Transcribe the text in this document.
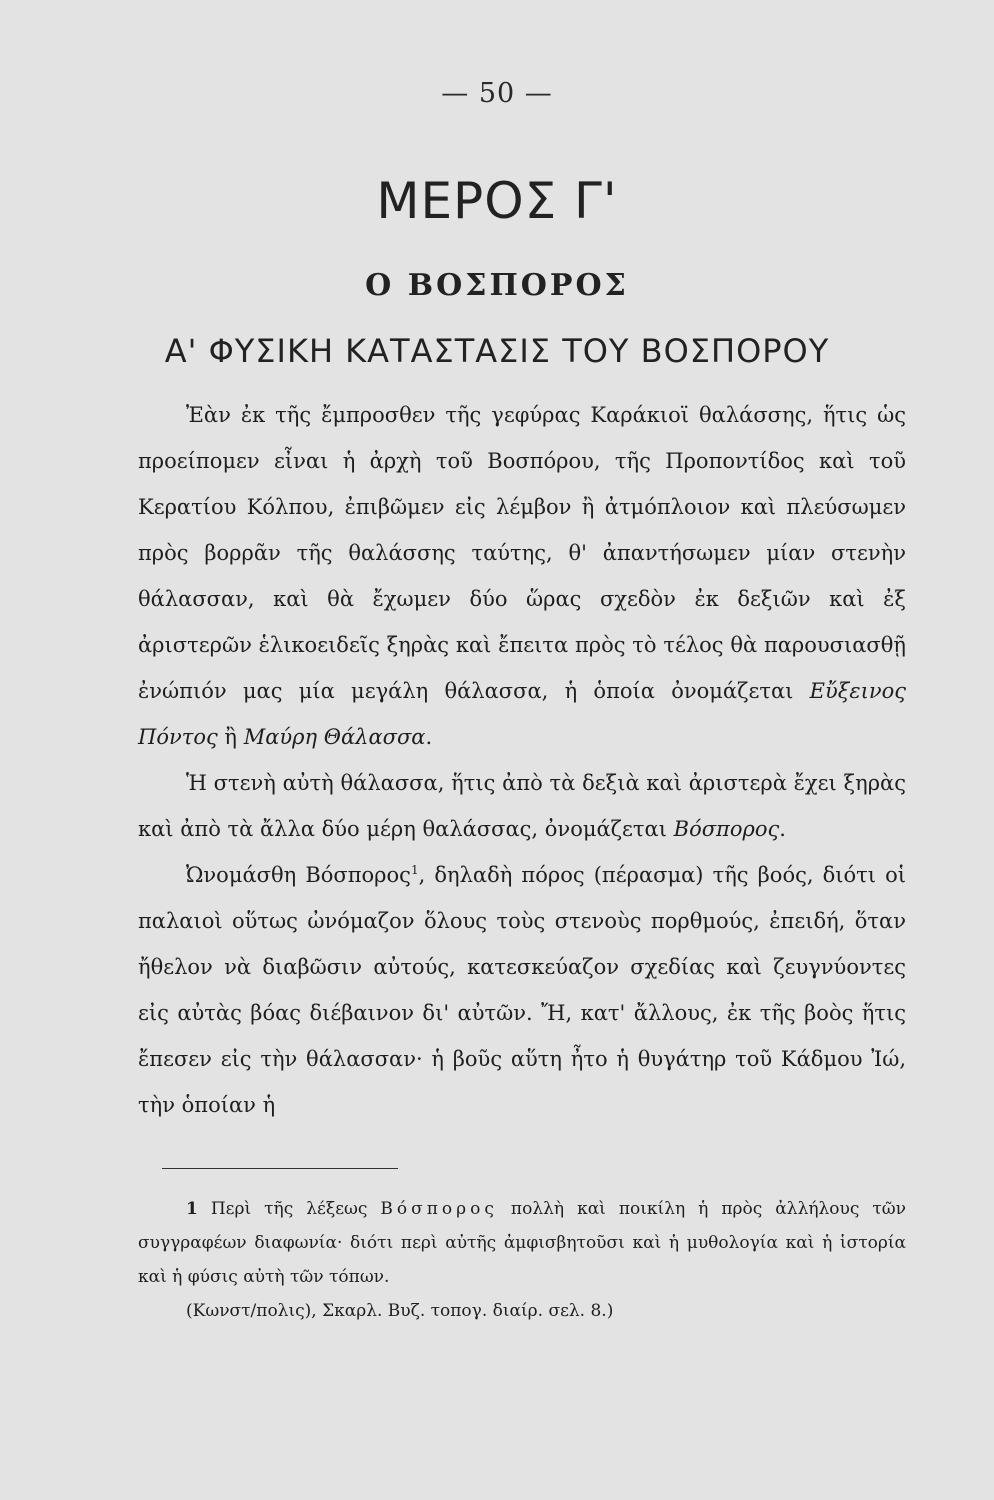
— 50 —
ΜΕΡΟΣ Γ'
Ο ΒΟΣΠΟΡΟΣ
Α' ΦΥΣΙΚΗ ΚΑΤΑΣΤΑΣΙΣ ΤΟΥ ΒΟΣΠΟΡΟΥ

Ἐὰν ἐκ τῆς ἔμπροσθεν τῆς γεφύρας Καράκιοϊ θαλάσσης, ἥτις ὡς προείπομεν εἶναι ἡ ἀρχὴ τοῦ Βοσπόρου, τῆς Προποντίδος καὶ τοῦ Κερατίου Κόλπου, ἐπιβῶμεν εἰς λέμβον ἢ ἀτμόπλοιον καὶ πλεύσωμεν πρὸς βορρᾶν τῆς θαλάσσης ταύτης, θ' ἀπαντήσωμεν μίαν στενὴν θάλασσαν, καὶ θὰ ἔχωμεν δύο ὥρας σχεδὸν ἐκ δεξιῶν καὶ ἐξ ἀριστερῶν ἑλικοειδεῖς ξηρὰς καὶ ἔπειτα πρὸς τὸ τέλος θὰ παρουσιασθῇ ἐνώπιόν μας μία μεγάλη θάλασσα, ἡ ὁποία ὀνομάζεται Εὔξεινος Πόντος ἢ Μαύρη Θάλασσα.

Ἡ στενὴ αὐτὴ θάλασσα, ἥτις ἀπὸ τὰ δεξιὰ καὶ ἀριστερὰ ἔχει ξηρὰς καὶ ἀπὸ τὰ ἄλλα δύο μέρη θαλάσσας, ὀνομάζεται Βόσπορος.

Ὠνομάσθη Βόσπορος$^1$, δηλαδὴ πόρος (πέρασμα) τῆς βοός, διότι οἱ παλαιοὶ οὕτως ὠνόμαζον ὅλους τοὺς στενοὺς πορθμούς, ἐπειδή, ὅταν ἤθελον νὰ διαβῶσιν αὐτούς, κατεσκεύαζον σχεδίας καὶ ζευγνύοντες εἰς αὐτὰς βόας διέβαινον δι' αὐτῶν. Ἤ, κατ' ἄλλους, ἐκ τῆς βοὸς ἥτις ἔπεσεν εἰς τὴν θάλασσαν· ἡ βοῦς αὕτη ἦτο ἡ θυγάτηρ τοῦ Κάδμου Ἰώ, τὴν ὁποίαν ἡ

1 Περὶ τῆς λέξεως Βόσπορος πολλὴ καὶ ποικίλη ἡ πρὸς ἀλλήλους τῶν συγγραφέων διαφωνία· διότι περὶ αὐτῆς ἀμφισβητοῦσι καὶ ἡ μυθολογία καὶ ἡ ἱστορία καὶ ἡ φύσις αὐτὴ τῶν τόπων.

(Κωνστ/πολις), Σκαρλ. Βυζ. τοπογ. διαίρ. σελ. 8.)
